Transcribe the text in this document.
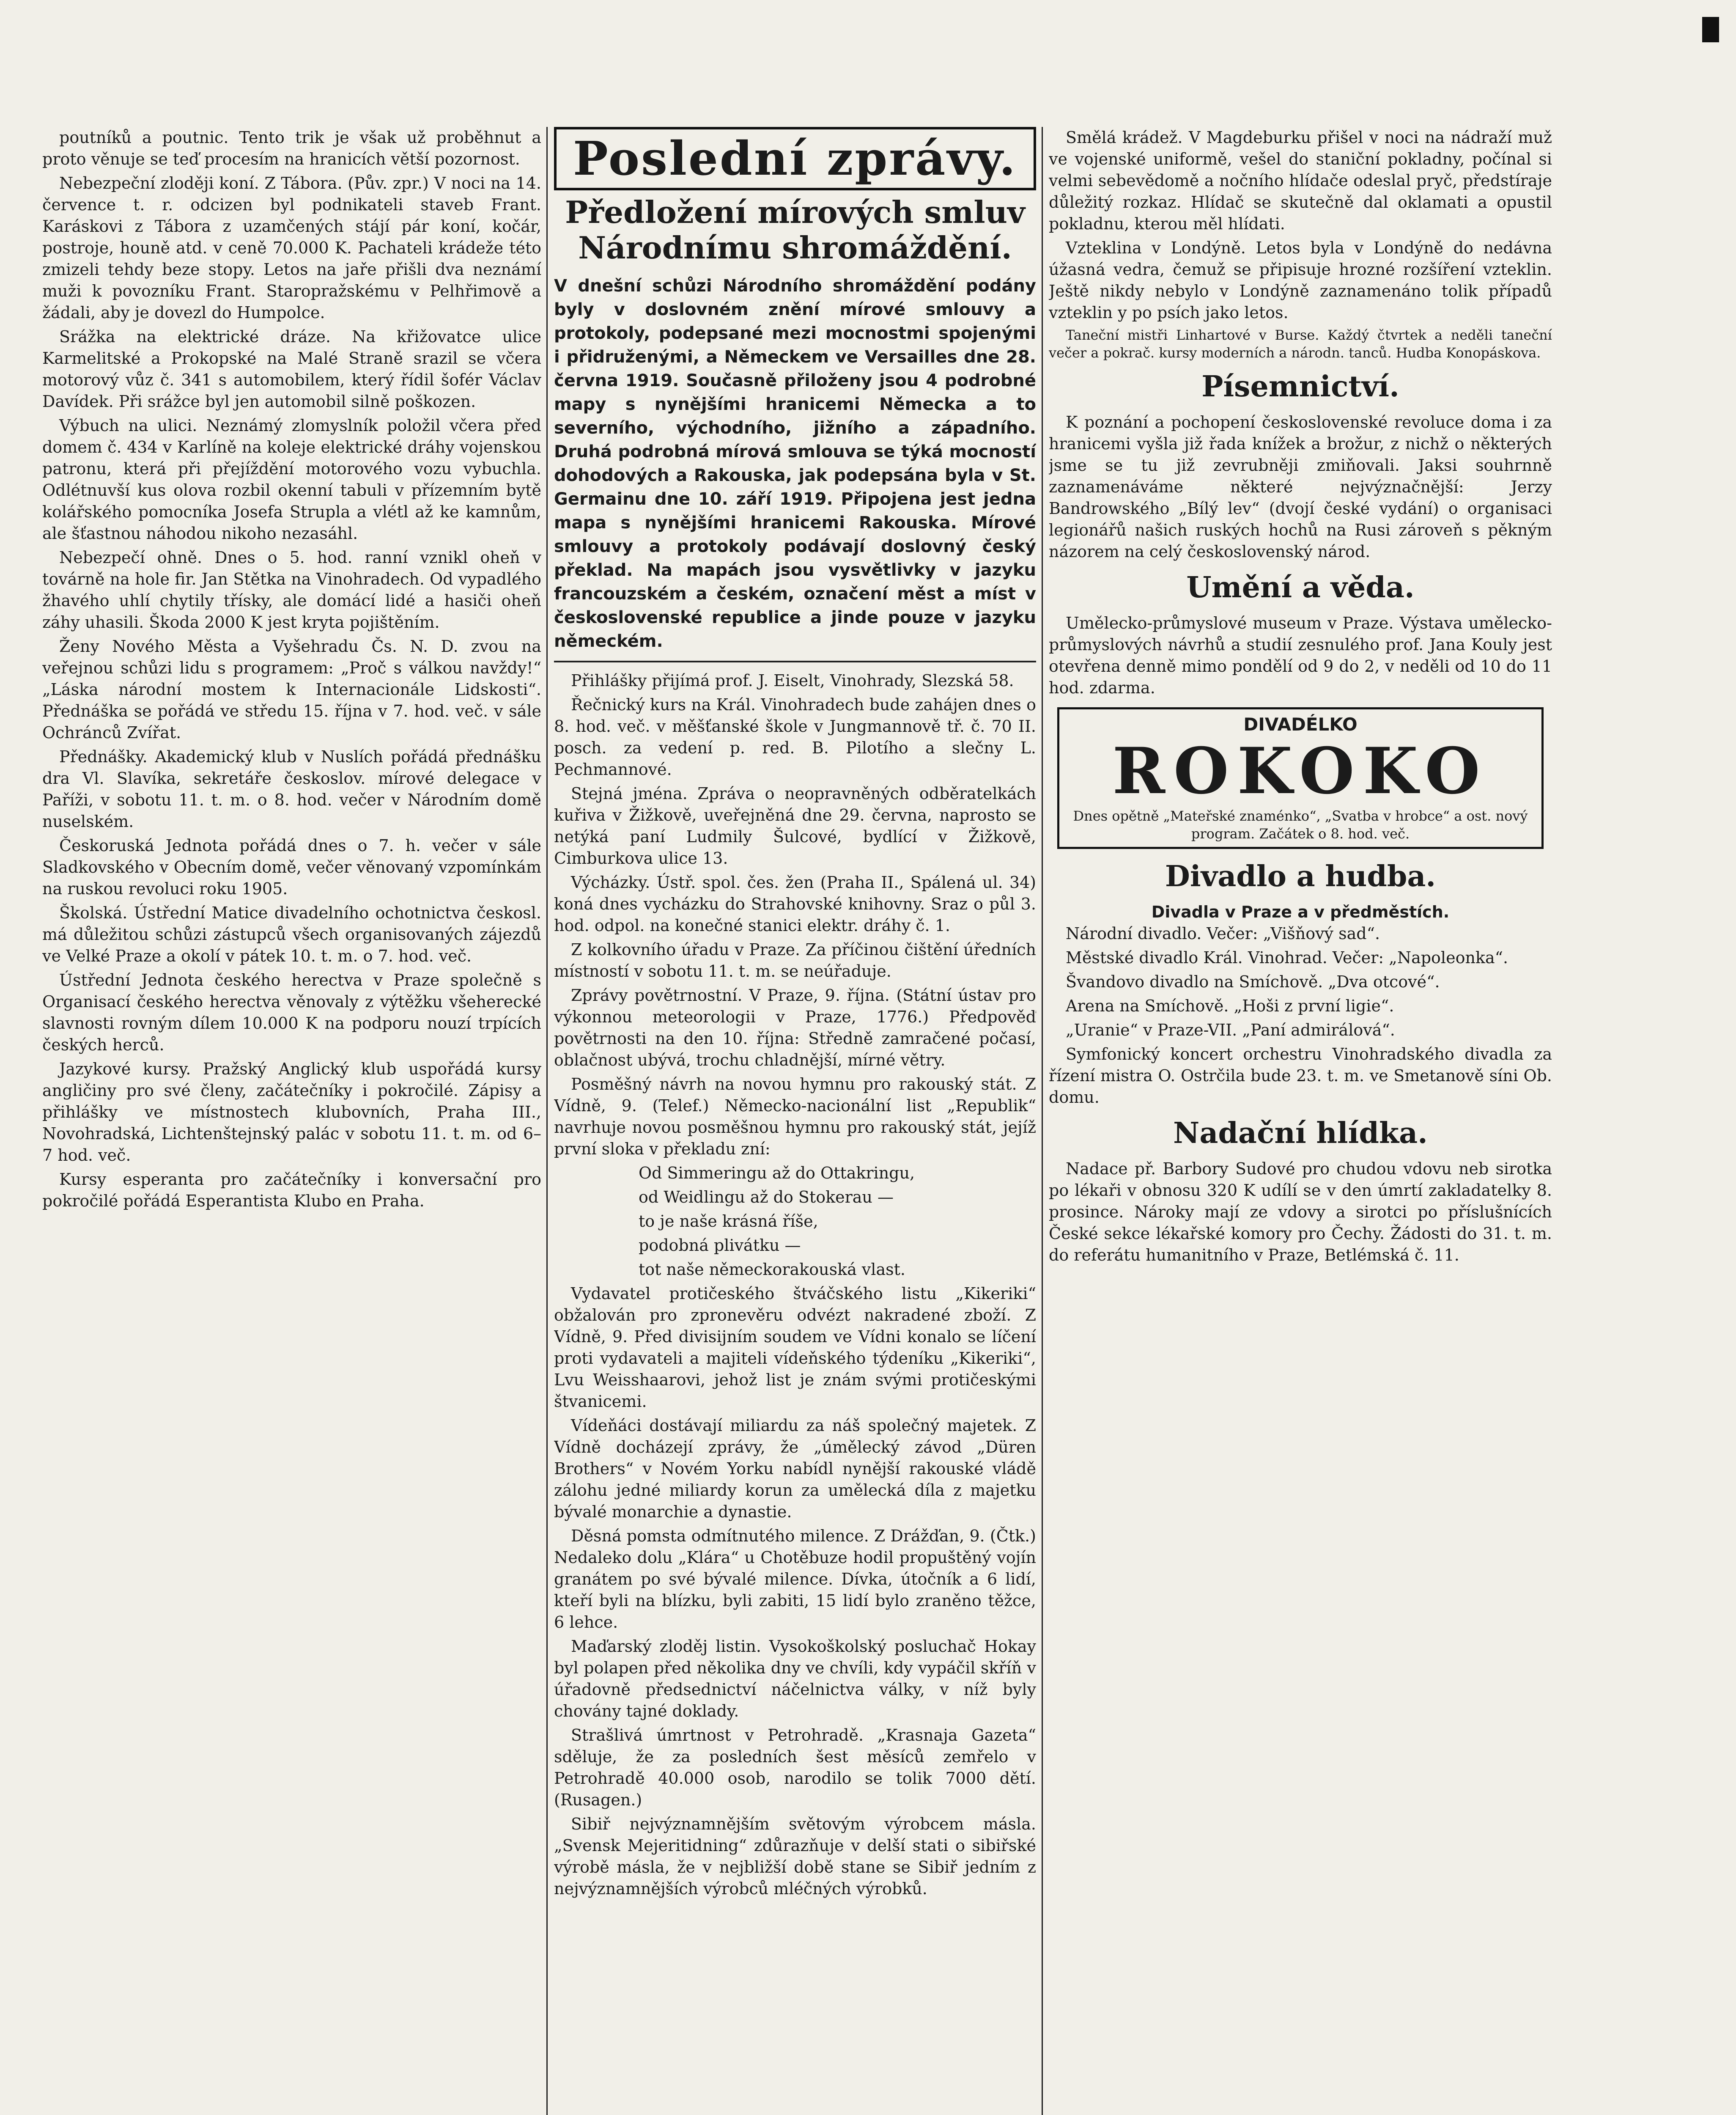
poutníků a poutnic. Tento trik je však už proběhnut a proto věnuje se teď procesím na hranicích větší pozornost.

Nebezpeční zloději koní. Z Tábora. (Pův. zpr.) V noci na 14. července t. r. odcizen byl podnikateli staveb Frant. Karáskovi z Tábora z uzamčených stájí pár koní, kočár, postroje, houně atd. v ceně 70.000 K. Pachateli krádeže této zmizeli tehdy beze stopy. Letos na jaře přišli dva neznámí muži k povozníku Frant. Staropražskému v Pelhřimově a žádali, aby je dovezl do Humpolce.

Srážka na elektrické dráze. Na křižovatce ulice Karmelitské a Prokopské na Malé Straně srazil se včera motorový vůz č. 341 s automobilem, který řídil šofér Václav Davídek. Při srážce byl jen automobil silně poškozen.

Výbuch na ulici. Neznámý zlomyslník položil včera před domem č. 434 v Karlíně na koleje elektrické dráhy vojenskou patronu, která při přejíždění motorového vozu vybuchla. Odlétnuvší kus olova rozbil okenní tabuli v přízemním bytě kolářského pomocníka Josefa Strupla a vlétl až ke kamnům, ale šťastnou náhodou nikoho nezasáhl.

Nebezpečí ohně. Dnes o 5. hod. ranní vznikl oheň v továrně na hole fir. Jan Stětka na Vinohradech. Od vypadlého žhavého uhlí chytily třísky, ale domácí lidé a hasiči oheň záhy uhasili. Škoda 2000 K jest kryta pojištěním.

Ženy Nového Města a Vyšehradu Čs. N. D. zvou na veřejnou schůzi lidu s programem: „Proč s válkou navždy!“ „Láska národní mostem k Internacionále Lidskosti“. Přednáška se pořádá ve středu 15. října v 7. hod. več. v sále Ochránců Zvířat.

Přednášky. Akademický klub v Nuslích pořádá přednášku dra Vl. Slavíka, sekretáře českoslov. mírové delegace v Paříži, v sobotu 11. t. m. o 8. hod. večer v Národním domě nuselském.

Českoruská Jednota pořádá dnes o 7. h. večer v sále Sladkovského v Obecním domě, večer věnovaný vzpomínkám na ruskou revoluci roku 1905.

Školská. Ústřední Matice divadelního ochotnictva českosl. má důležitou schůzi zástupců všech organisovaných zájezdů ve Velké Praze a okolí v pátek 10. t. m. o 7. hod. več.

Ústřední Jednota českého herectva v Praze společně s Organisací českého herectva věnovaly z výtěžku všeherecké slavnosti rovným dílem 10.000 K na podporu nouzí trpících českých herců.

Jazykové kursy. Pražský Anglický klub uspořádá kursy angličiny pro své členy, začátečníky i pokročilé. Zápisy a přihlášky ve místnostech klubovních, Praha III., Novohradská, Lichtenštejnský palác v sobotu 11. t. m. od 6–7 hod. več.

Kursy esperanta pro začátečníky i konversační pro pokročilé pořádá Esperantista Klubo en Praha.

Poslední zprávy.
Předložení mírových smluv Národnímu shromáždění.
V dnešní schůzi Národního shromáždění podány byly v doslovném znění mírové smlouvy a protokoly, podepsané mezi mocnostmi spojenými i přidruženými, a Německem ve Versailles dne 28. června 1919. Současně přiloženy jsou 4 podrobné mapy s nynějšími hranicemi Německa a to severního, východního, jižního a západního. Druhá podrobná mírová smlouva se týká mocností dohodových a Rakouska, jak podepsána byla v St. Germainu dne 10. září 1919. Připojena jest jedna mapa s nynějšími hranicemi Rakouska. Mírové smlouvy a protokoly podávají doslovný český překlad. Na mapách jsou vysvětlivky v jazyku francouzském a českém, označení měst a míst v československé republice a jinde pouze v jazyku německém.

Přihlášky přijímá prof. J. Eiselt, Vinohrady, Slezská 58.

Řečnický kurs na Král. Vinohradech bude zahájen dnes o 8. hod. več. v měšťanské škole v Jungmannově tř. č. 70 II. posch. za vedení p. red. B. Pilotího a slečny L. Pechmannové.

Stejná jména. Zpráva o neopravněných odběratelkách kuřiva v Žižkově, uveřejněná dne 29. června, naprosto se netýká paní Ludmily Šulcové, bydlící v Žižkově, Cimburkova ulice 13.

Výcházky. Ústř. spol. čes. žen (Praha II., Spálená ul. 34) koná dnes vycházku do Strahovské knihovny. Sraz o půl 3. hod. odpol. na konečné stanici elektr. dráhy č. 1.

Z kolkovního úřadu v Praze. Za příčinou čištění úředních místností v sobotu 11. t. m. se neúřaduje.

Zprávy povětrnostní. V Praze, 9. října. (Státní ústav pro výkonnou meteorologii v Praze, 1776.) Předpověď povětrnosti na den 10. října: Středně zamračené počasí, oblačnost ubývá, trochu chladnější, mírné větry.

Posměšný návrh na novou hymnu pro rakouský stát. Z Vídně, 9. (Telef.) Německo-nacionální list „Republik“ navrhuje novou posměšnou hymnu pro rakouský stát, jejíž první sloka v překladu zní:

Od Simmeringu až do Ottakringu,

od Weidlingu až do Stokerau —

to je naše krásná říše,

podobná plivátku —

tot naše německorakouská vlast.

Vydavatel protičeského štváčského listu „Kikeriki“ obžalován pro zpronevěru odvézt nakradené zboží. Z Vídně, 9. Před divisijním soudem ve Vídni konalo se líčení proti vydavateli a majiteli vídeňského týdeníku „Kikeriki“, Lvu Weisshaarovi, jehož list je znám svými protičeskými štvanicemi.

Vídeňáci dostávají miliardu za náš společný majetek. Z Vídně docházejí zprávy, že „úmělecký závod „Düren Brothers“ v Novém Yorku nabídl nynější rakouské vládě zálohu jedné miliardy korun za umělecká díla z majetku bývalé monarchie a dynastie.

Děsná pomsta odmítnutého milence. Z Drážďan, 9. (Čtk.) Nedaleko dolu „Klára“ u Chotěbuze hodil propuštěný vojín granátem po své bývalé milence. Dívka, útočník a 6 lidí, kteří byli na blízku, byli zabiti, 15 lidí bylo zraněno těžce, 6 lehce.

Maďarský zloděj listin. Vysokoškolský posluchač Hokay byl polapen před několika dny ve chvíli, kdy vypáčil skříň v úřadovně předsednictví náčelnictva války, v níž byly chovány tajné doklady.

Strašlivá úmrtnost v Petrohradě. „Krasnaja Gazeta“ sděluje, že za posledních šest měsíců zemřelo v Petrohradě 40.000 osob, narodilo se tolik 7000 dětí. (Rusagen.)

Sibiř nejvýznamnějším světovým výrobcem másla. „Svensk Mejeritidning“ zdůrazňuje v delší stati o sibiřské výrobě másla, že v nejbližší době stane se Sibiř jedním z nejvýznamnějších výrobců mléčných výrobků.

Smělá krádež. V Magdeburku přišel v noci na nádraží muž ve vojenské uniformě, vešel do staniční pokladny, počínal si velmi sebevědomě a nočního hlídače odeslal pryč, předstíraje důležitý rozkaz. Hlídač se skutečně dal oklamati a opustil pokladnu, kterou měl hlídati.

Vzteklina v Londýně. Letos byla v Londýně do nedávna úžasná vedra, čemuž se připisuje hrozné rozšíření vzteklin. Ještě nikdy nebylo v Londýně zaznamenáno tolik případů vzteklin y po psích jako letos.

Taneční mistři Linhartové v Burse. Každý čtvrtek a neděli taneční večer a pokrač. kursy moderních a národn. tanců. Hudba Konopáskova.

Písemnictví.

K poznání a pochopení československé revoluce doma i za hranicemi vyšla již řada knížek a brožur, z nichž o některých jsme se tu již zevrubněji zmiňovali. Jaksi souhrnně zaznamenáváme některé nejvýznačnější: Jerzy Bandrowského „Bílý lev“ (dvojí české vydání) o organisaci legionářů našich ruských hochů na Rusi zároveň s pěkným názorem na celý československý národ.

Umění a věda.

Umělecko-průmyslové museum v Praze. Výstava umělecko-průmyslových návrhů a studií zesnulého prof. Jana Kouly jest otevřena denně mimo pondělí od 9 do 2, v neděli od 10 do 11 hod. zdarma.

DIVADÉLKO
ROKOKO
Dnes opětně „Mateřské znaménko“, „Svatba v hrobce“ a ost. nový program. Začátek o 8. hod. več.
Divadlo a hudba.
Divadla v Praze a v předměstích.

Národní divadlo. Večer: „Višňový sad“.

Městské divadlo Král. Vinohrad. Večer: „Napoleonka“.

Švandovo divadlo na Smíchově. „Dva otcové“.

Arena na Smíchově. „Hoši z první ligie“.

„Uranie“ v Praze-VII. „Paní admirálová“.

Symfonický koncert orchestru Vinohradského divadla za řízení mistra O. Ostrčila bude 23. t. m. ve Smetanově síni Ob. domu.

Nadační hlídka.

Nadace př. Barbory Sudové pro chudou vdovu neb sirotka po lékaři v obnosu 320 K udílí se v den úmrtí zakladatelky 8. prosince. Nároky mají ze vdovy a sirotci po příslušnících České sekce lékařské komory pro Čechy. Žádosti do 31. t. m. do referátu humanitního v Praze, Betlémská č. 11.
